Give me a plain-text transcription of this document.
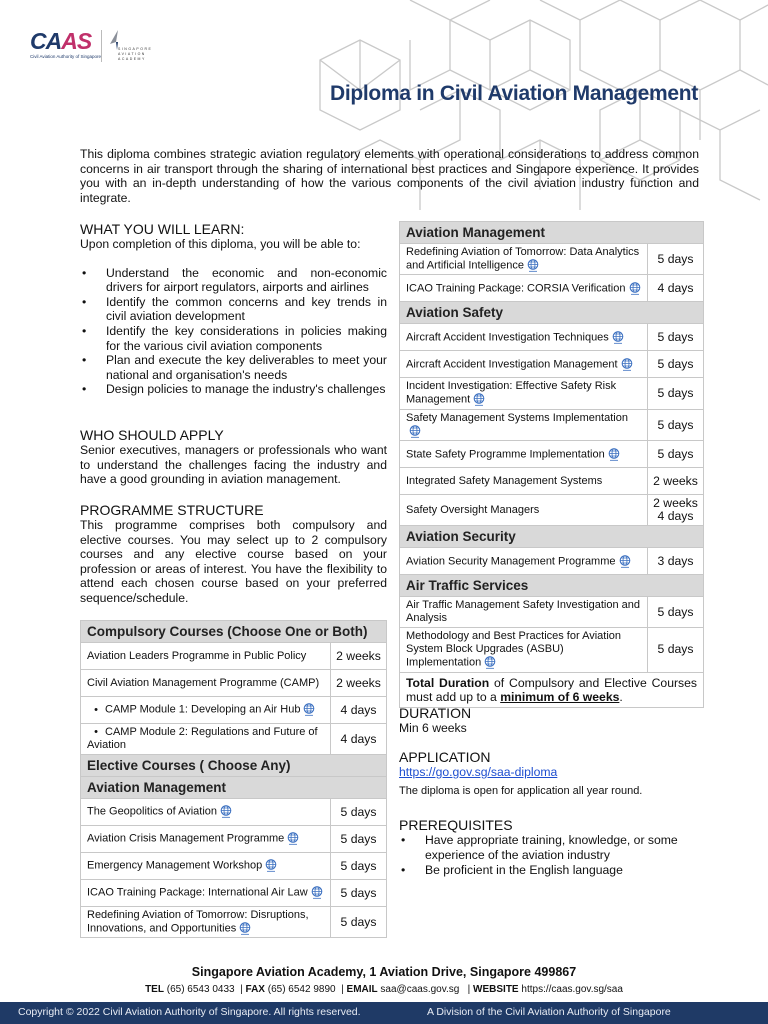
CAAS
Civil Aviation Authority of Singapore
SINGAPORE AVIATION ACADEMY
Diploma in Civil Aviation Management

This diploma combines strategic aviation regulatory elements with operational considerations to address common concerns in air transport through the sharing of international best practices and Singapore experience. It provides you with an in-depth understanding of how the various components of the civil aviation industry function and integrate.

WHAT YOU WILL LEARN:
Upon completion of this diploma, you will be able to:
• Understand the economic and non-economic drivers for airport regulators, airports and airlines
• Identify the common concerns and key trends in civil aviation development
• Identify the key considerations in policies making for the various civil aviation components
• Plan and execute the key deliverables to meet your national and organisation's needs
• Design policies to manage the industry's challenges
WHO SHOULD APPLY
Senior executives, managers or professionals who want to understand the challenges facing the industry and have a good grounding in aviation management.
PROGRAMME STRUCTURE
This programme comprises both compulsory and elective courses. You may select up to 2 compulsory courses and any elective course based on your profession or areas of interest. You have the flexibility to attend each chosen course based on your preferred sequence/schedule.
Compulsory Courses (Choose One or Both)	
Aviation Leaders Programme in Public Policy	2 weeks
Civil Aviation Management Programme (CAMP)	2 weeks
• CAMP Module 1: Developing an Air Hub	4 days
• CAMP Module 2: Regulations and Future of Aviation	4 days
Elective Courses ( Choose Any)	
Aviation Management	
The Geopolitics of Aviation	5 days
Aviation Crisis Management Programme	5 days
Emergency Management Workshop	5 days
ICAO Training Package: International Air Law	5 days
Redefining Aviation of Tomorrow: Disruptions, Innovations, and Opportunities	5 days
Aviation Management	
Redefining Aviation of Tomorrow: Data Analytics and Artificial Intelligence	5 days
ICAO Training Package: CORSIA Verification	4 days
Aviation Safety	
Aircraft Accident Investigation Techniques	5 days
Aircraft Accident Investigation Management	5 days
Incident Investigation: Effective Safety Risk Management	5 days
Safety Management Systems Implementation	5 days
State Safety Programme Implementation	5 days
Integrated Safety Management Systems	2 weeks
Safety Oversight Managers	2 weeks 4 days
Aviation Security	
Aviation Security Management Programme	3 days
Air Traffic Services	
Air Traffic Management Safety Investigation and Analysis	5 days
Methodology and Best Practices for Aviation System Block Upgrades (ASBU) Implementation	5 days
Total Duration of Compulsory and Elective Courses must add up to a minimum of 6 weeks.
DURATION
Min 6 weeks
APPLICATION
https://go.gov.sg/saa-diploma
The diploma is open for application all year round.
PREREQUISITES
• Have appropriate training, knowledge, or some experience of the aviation industry
• Be proficient in the English language
Singapore Aviation Academy, 1 Aviation Drive, Singapore 499867
TEL (65) 6543 0433  | FAX (65) 6542 9890  | EMAIL saa@caas.gov.sg   | WEBSITE https://caas.gov.sg/saa
Copyright © 2022 Civil Aviation Authority of Singapore. All rights reserved.	A Division of the Civil Aviation Authority of Singapore
